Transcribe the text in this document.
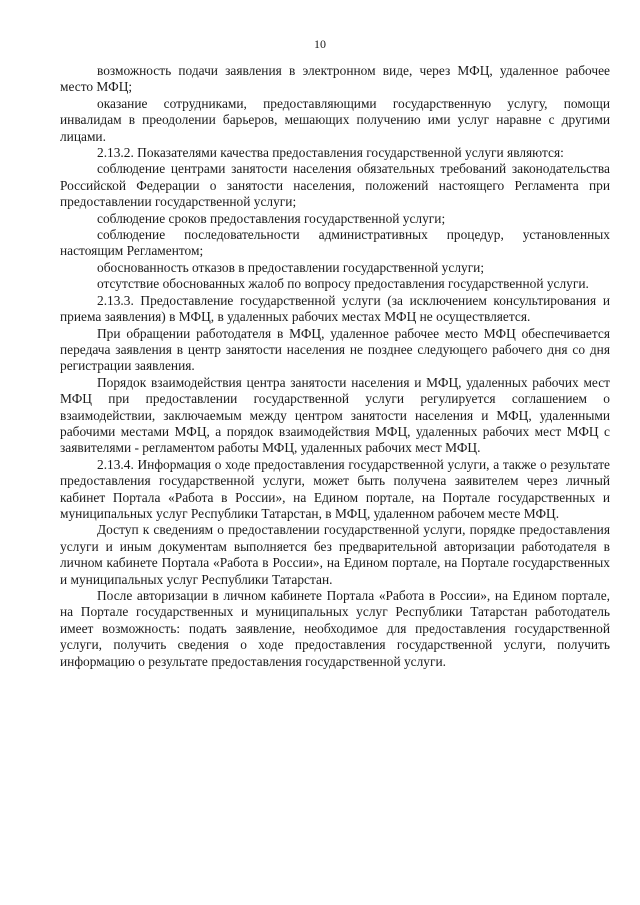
10

возможность подачи заявления в электронном виде, через МФЦ, удаленное рабочее место МФЦ;

оказание сотрудниками, предоставляющими государственную услугу, помощи инвалидам в преодолении барьеров, мешающих получению ими услуг наравне с другими лицами.

2.13.2. Показателями качества предоставления государственной услуги являются:

соблюдение центрами занятости населения обязательных требований законодательства Российской Федерации о занятости населения, положений настоящего Регламента при предоставлении государственной услуги;

соблюдение сроков предоставления государственной услуги;

соблюдение последовательности административных процедур, установленных настоящим Регламентом;

обоснованность отказов в предоставлении государственной услуги;

отсутствие обоснованных жалоб по вопросу предоставления государственной услуги.

2.13.3. Предоставление государственной услуги (за исключением консультирования и приема заявления) в МФЦ, в удаленных рабочих местах МФЦ не осуществляется.

При обращении работодателя в МФЦ, удаленное рабочее место МФЦ обеспечивается передача заявления в центр занятости населения не позднее следующего рабочего дня со дня регистрации заявления.

Порядок взаимодействия центра занятости населения и МФЦ, удаленных рабочих мест МФЦ при предоставлении государственной услуги регулируется соглашением о взаимодействии, заключаемым между центром занятости населения и МФЦ, удаленными рабочими местами МФЦ, а порядок взаимодействия МФЦ, удаленных рабочих мест МФЦ с заявителями - регламентом работы МФЦ, удаленных рабочих мест МФЦ.

2.13.4. Информация о ходе предоставления государственной услуги, а также о результате предоставления государственной услуги, может быть получена заявителем через личный кабинет Портала «Работа в России», на Едином портале, на Портале государственных и муниципальных услуг Республики Татарстан, в МФЦ, удаленном рабочем месте МФЦ.

Доступ к сведениям о предоставлении государственной услуги, порядке предоставления услуги и иным документам выполняется без предварительной авторизации работодателя в личном кабинете Портала «Работа в России», на Едином портале, на Портале государственных и муниципальных услуг Республики Татарстан.

После авторизации в личном кабинете Портала «Работа в России», на Едином портале, на Портале государственных и муниципальных услуг Республики Татарстан работодатель имеет возможность: подать заявление, необходимое для предоставления государственной услуги, получить сведения о ходе предоставления государственной услуги, получить информацию о результате предоставления государственной услуги.
